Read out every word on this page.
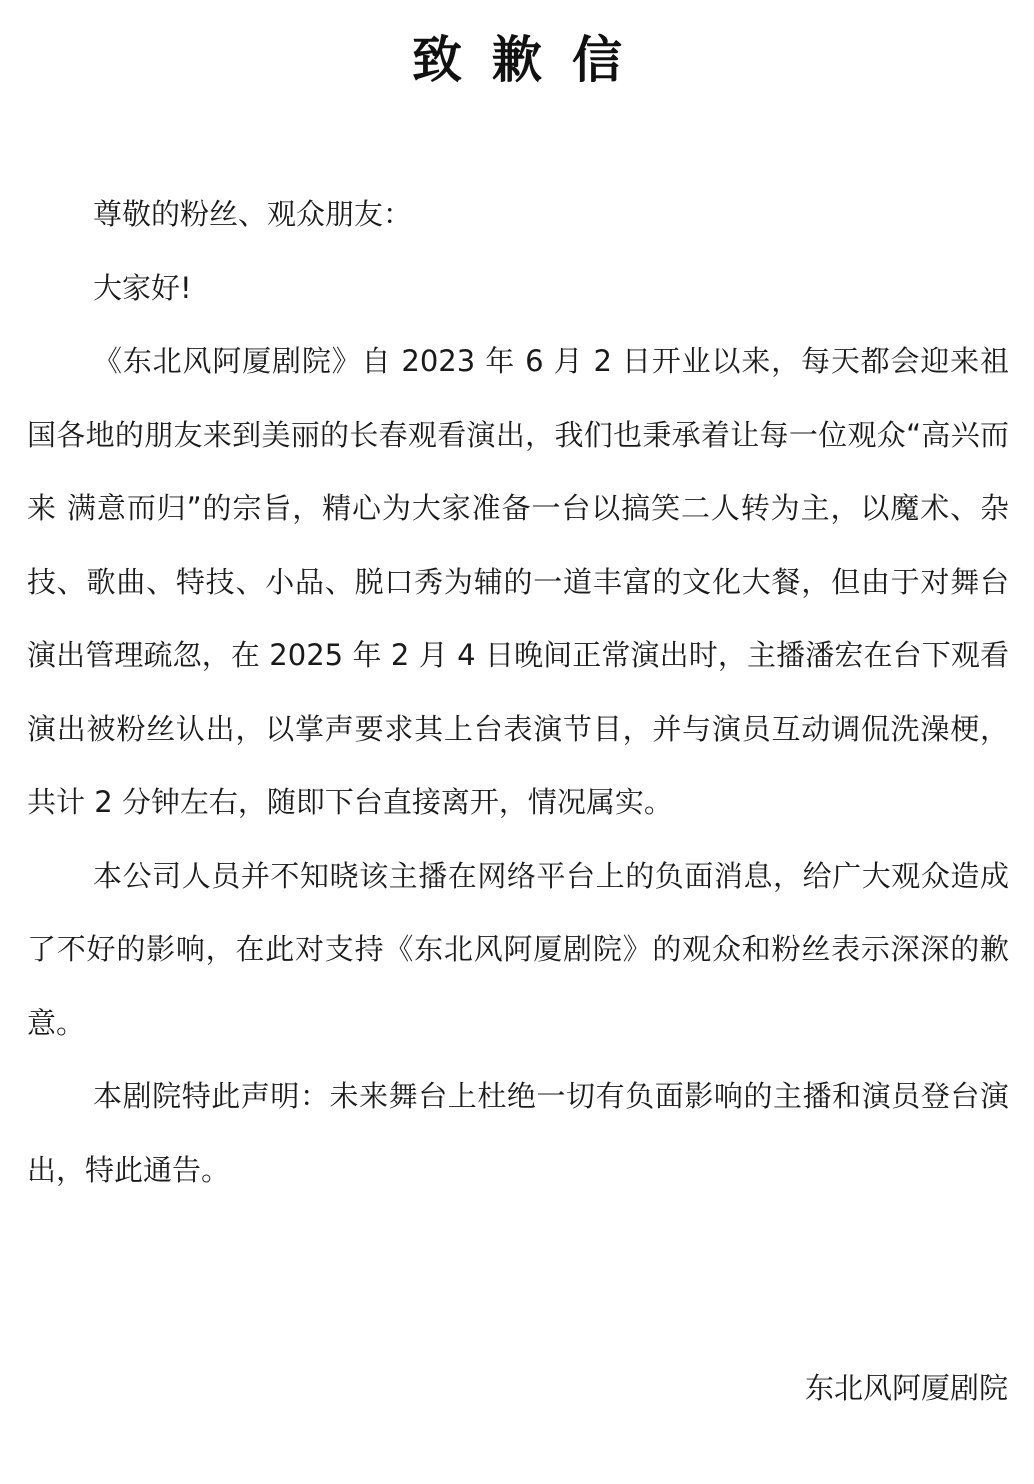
致歉信

尊敬的粉丝、观众朋友：

大家好!

《东北风阿厦剧院》自 2023 年 6 月 2 日开业以来，每天都会迎来祖国各地的朋友来到美丽的长春观看演出，我们也秉承着让每一位观众“高兴而来 满意而归”的宗旨，精心为大家准备一台以搞笑二人转为主，以魔术、杂技、歌曲、特技、小品、脱口秀为辅的一道丰富的文化大餐，但由于对舞台演出管理疏忽，在 2025 年 2 月 4 日晚间正常演出时，主播潘宏在台下观看演出被粉丝认出，以掌声要求其上台表演节目，并与演员互动调侃洗澡梗，共计 2 分钟左右，随即下台直接离开，情况属实。

本公司人员并不知晓该主播在网络平台上的负面消息，给广大观众造成了不好的影响，在此对支持《东北风阿厦剧院》的观众和粉丝表示深深的歉意。

本剧院特此声明：未来舞台上杜绝一切有负面影响的主播和演员登台演出，特此通告。

东北风阿厦剧院
